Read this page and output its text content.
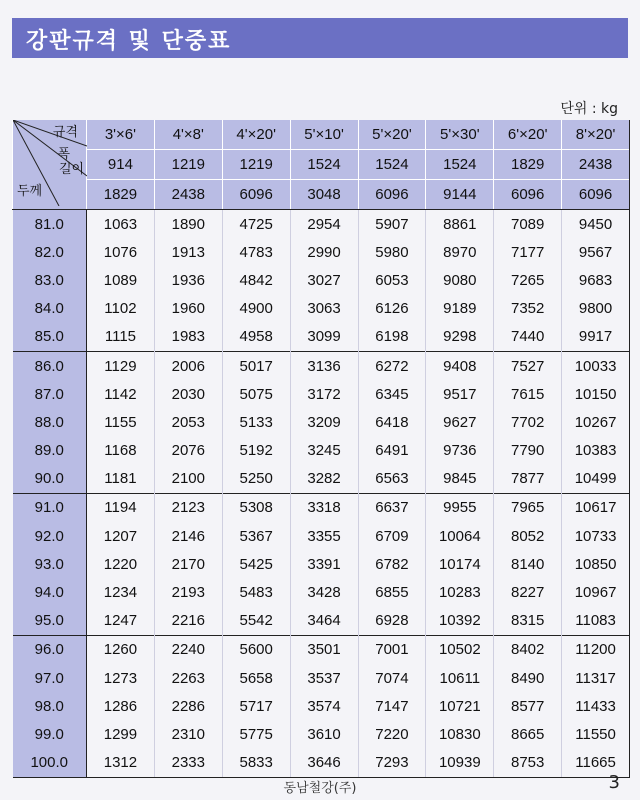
강판규격 및 단중표
단위 : kg
규격
폭
길이
두께	3'×6'	4'×8'	4'×20'	5'×10'	5'×20'	5'×30'	6'×20'	8'×20'
	914	1219	1219	1524	1524	1524	1829	2438
	1829	2438	6096	3048	6096	9144	6096	6096
81.0	1063	1890	4725	2954	5907	8861	7089	9450
82.0	1076	1913	4783	2990	5980	8970	7177	9567
83.0	1089	1936	4842	3027	6053	9080	7265	9683
84.0	1102	1960	4900	3063	6126	9189	7352	9800
85.0	1115	1983	4958	3099	6198	9298	7440	9917
86.0	1129	2006	5017	3136	6272	9408	7527	10033
87.0	1142	2030	5075	3172	6345	9517	7615	10150
88.0	1155	2053	5133	3209	6418	9627	7702	10267
89.0	1168	2076	5192	3245	6491	9736	7790	10383
90.0	1181	2100	5250	3282	6563	9845	7877	10499
91.0	1194	2123	5308	3318	6637	9955	7965	10617
92.0	1207	2146	5367	3355	6709	10064	8052	10733
93.0	1220	2170	5425	3391	6782	10174	8140	10850
94.0	1234	2193	5483	3428	6855	10283	8227	10967
95.0	1247	2216	5542	3464	6928	10392	8315	11083
96.0	1260	2240	5600	3501	7001	10502	8402	11200
97.0	1273	2263	5658	3537	7074	10611	8490	11317
98.0	1286	2286	5717	3574	7147	10721	8577	11433
99.0	1299	2310	5775	3610	7220	10830	8665	11550
100.0	1312	2333	5833	3646	7293	10939	8753	11665
동남철강(주)	3
